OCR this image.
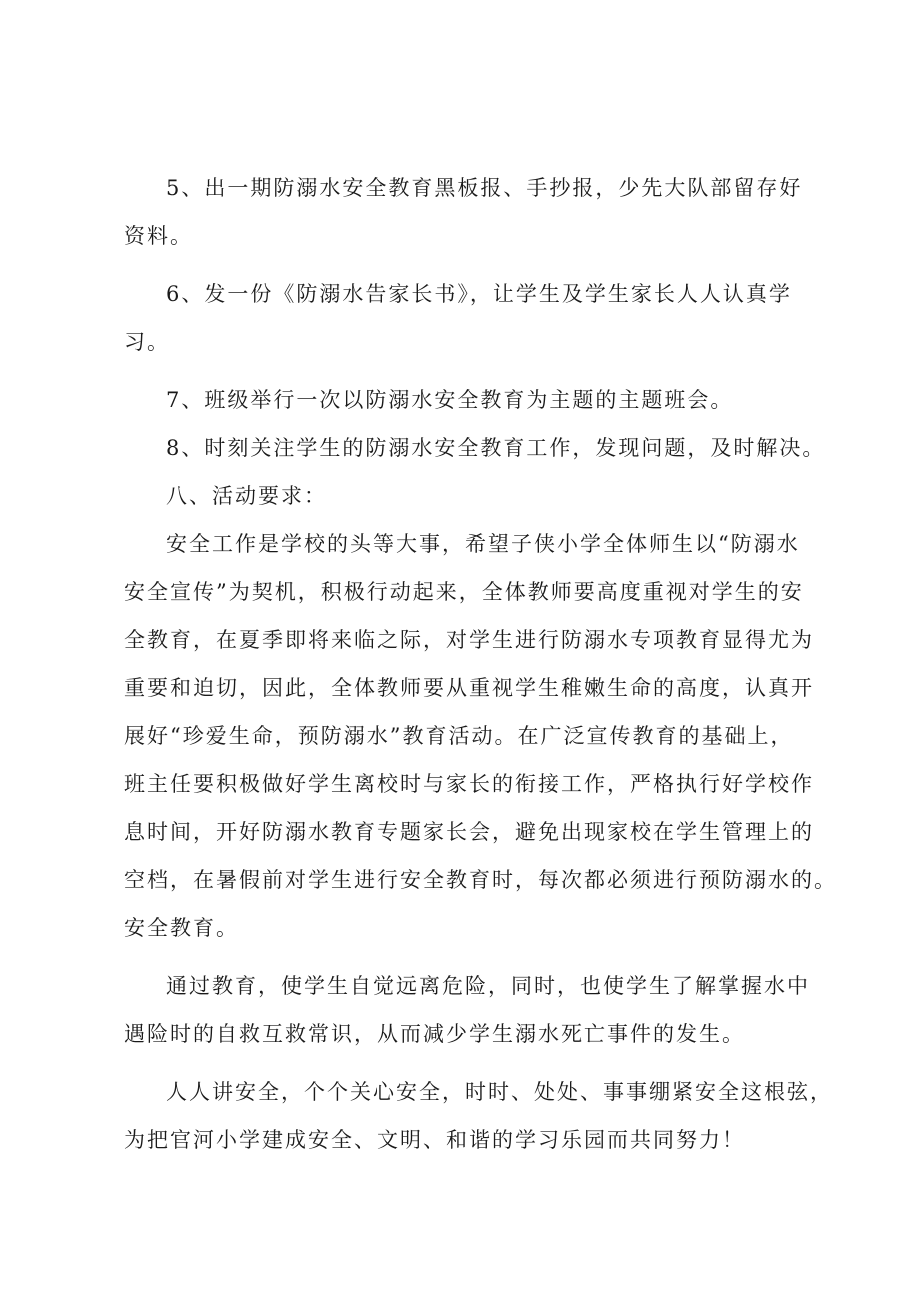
5、出一期防溺水安全教育黑板报、手抄报，少先大队部留存好
资料。

6、发一份《防溺水告家长书》，让学生及学生家长人人认真学
习。

7、班级举行一次以防溺水安全教育为主题的主题班会。

8、时刻关注学生的防溺水安全教育工作，发现问题，及时解决。

八、活动要求：

安全工作是学校的头等大事，希望子侠小学全体师生以“防溺水
安全宣传”为契机，积极行动起来，全体教师要高度重视对学生的安
全教育，在夏季即将来临之际，对学生进行防溺水专项教育显得尤为
重要和迫切，因此，全体教师要从重视学生稚嫩生命的高度，认真开
展好“珍爱生命，预防溺水”教育活动。在广泛宣传教育的基础上，
班主任要积极做好学生离校时与家长的衔接工作，严格执行好学校作
息时间，开好防溺水教育专题家长会，避免出现家校在学生管理上的
空档，在暑假前对学生进行安全教育时，每次都必须进行预防溺水的。
安全教育。

通过教育，使学生自觉远离危险，同时，也使学生了解掌握水中
遇险时的自救互救常识，从而减少学生溺水死亡事件的发生。

人人讲安全，个个关心安全，时时、处处、事事绷紧安全这根弦，
为把官河小学建成安全、文明、和谐的学习乐园而共同努力！
